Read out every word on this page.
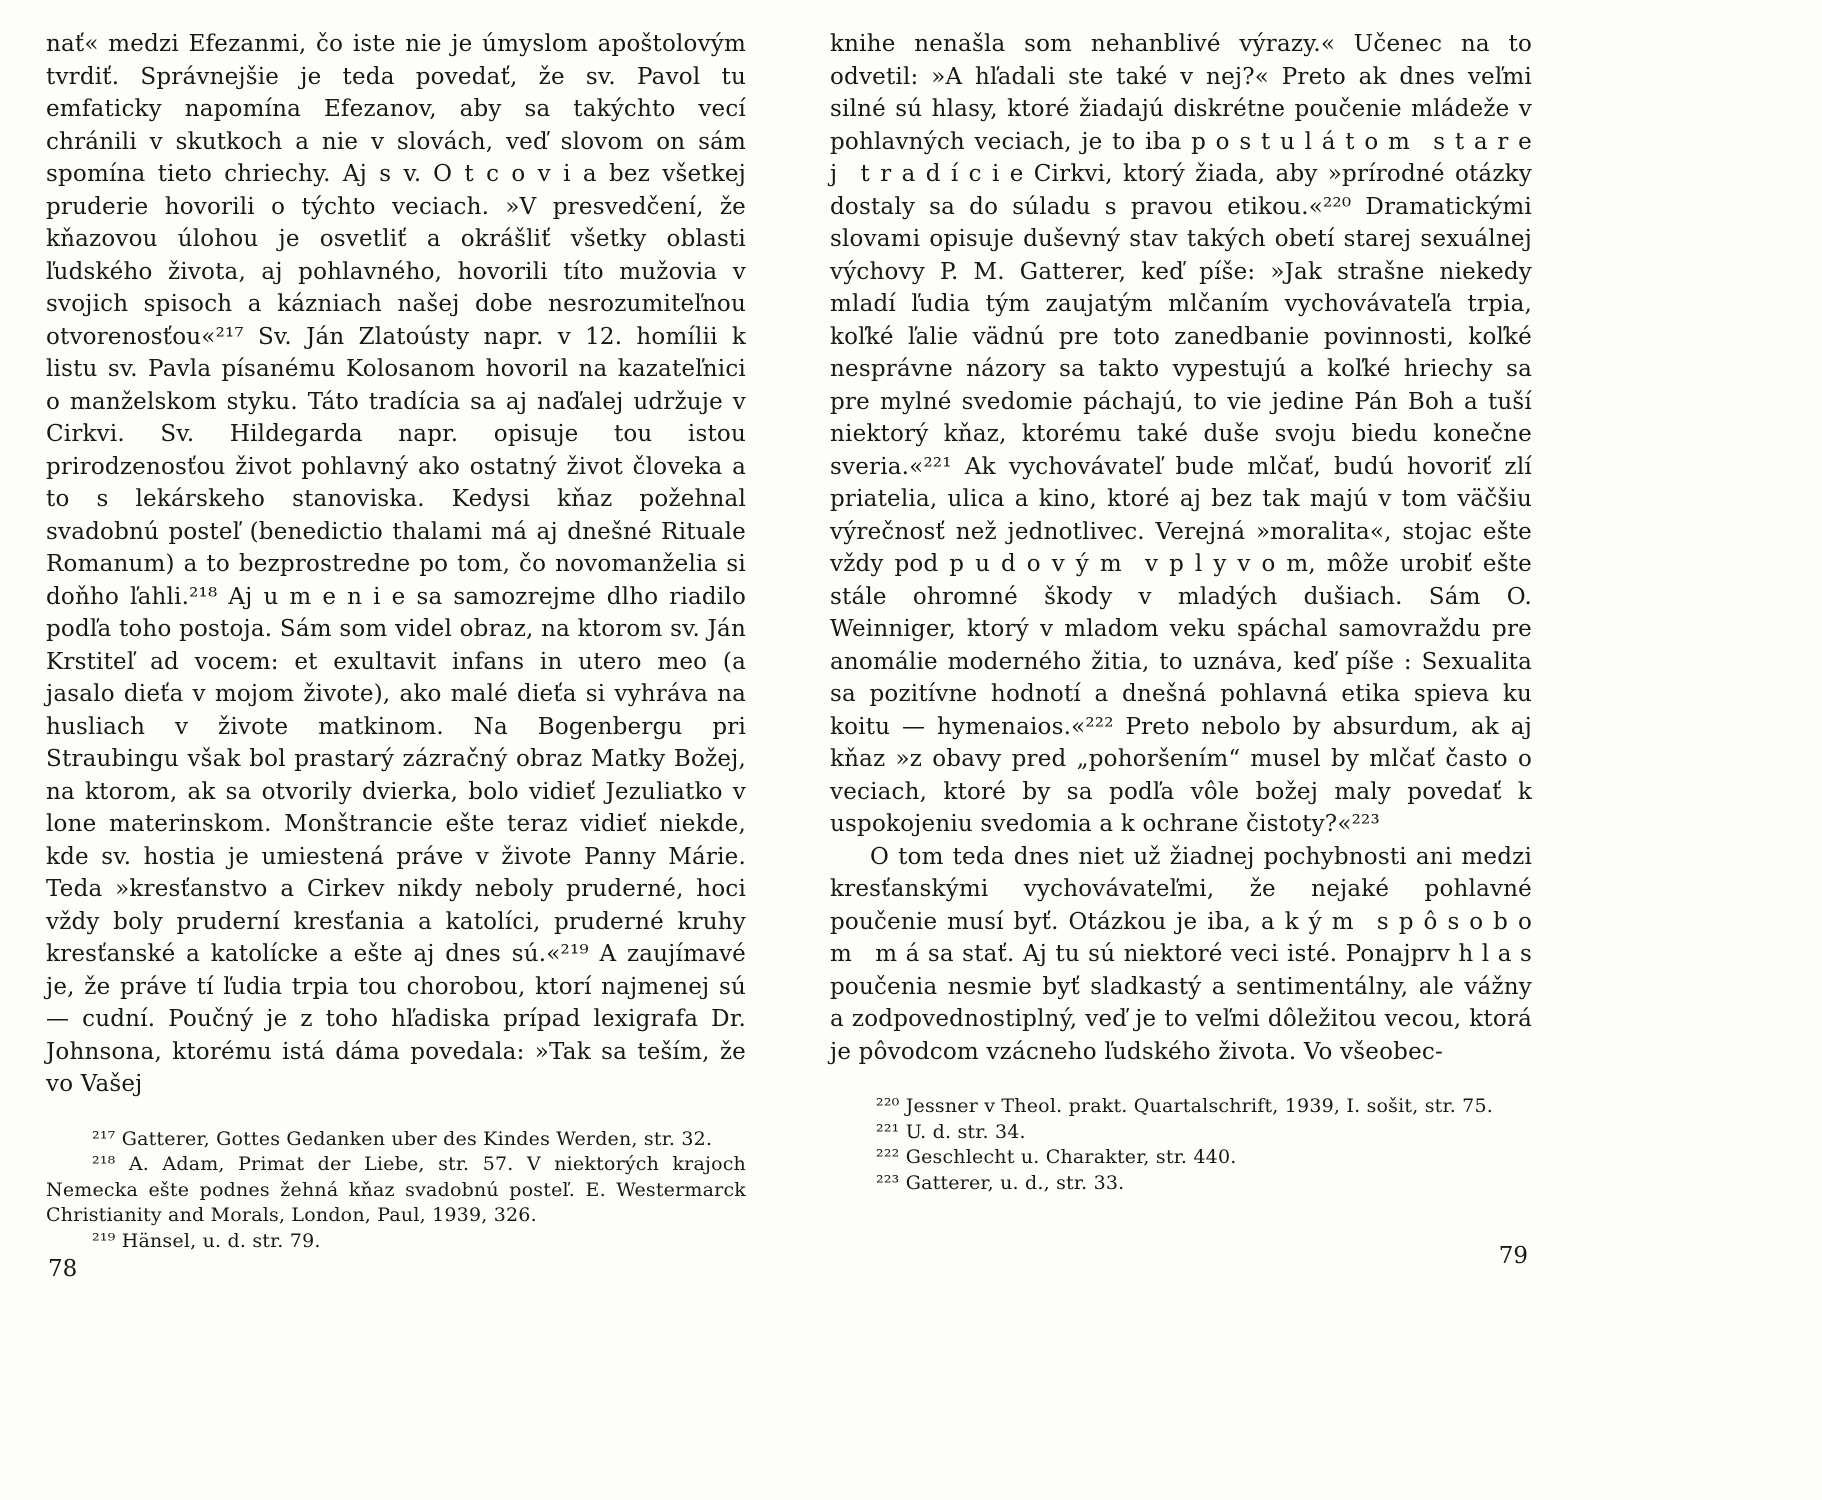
nať« medzi Efezanmi, čo iste nie je úmyslom apoštolovým tvrdiť. Správnejšie je teda povedať, že sv. Pavol tu emfaticky napomína Efezanov, aby sa takýchto vecí chránili v skutkoch a nie v slovách, veď slovom on sám spomína tieto chriechy. Aj s v. O t c o v i a bez všetkej pruderie hovorili o týchto veciach. »V presvedčení, že kňazovou úlohou je osvetliť a okrášliť všetky oblasti ľudského života, aj pohlavného, hovorili títo mužovia v svojich spisoch a kázniach našej dobe nesrozumiteľnou otvorenosťou«²¹⁷ Sv. Ján Zlatoústy napr. v 12. homílii k listu sv. Pavla písanému Kolosanom hovoril na kazateľnici o manželskom styku. Táto tradícia sa aj naďalej udržuje v Cirkvi. Sv. Hildegarda napr. opisuje tou istou prirodzenosťou život pohlavný ako ostatný život človeka a to s lekárskeho stanoviska. Kedysi kňaz požehnal svadobnú posteľ (benedictio thalami má aj dnešné Rituale Romanum) a to bezprostredne po tom, čo novomanželia si doňho ľahli.²¹⁸ Aj u m e n i e sa samozrejme dlho riadilo podľa toho postoja. Sám som videl obraz, na ktorom sv. Ján Krstiteľ ad vocem: et exultavit infans in utero meo (a jasalo dieťa v mojom živote), ako malé dieťa si vyhráva na husliach v živote matkinom. Na Bogenbergu pri Straubingu však bol prastarý zázračný obraz Matky Božej, na ktorom, ak sa otvorily dvierka, bolo vidieť Jezuliatko v lone materinskom. Monštrancie ešte teraz vidieť niekde, kde sv. hostia je umiestená práve v živote Panny Márie. Teda »kresťanstvo a Cirkev nikdy neboly pruderné, hoci vždy boly pruderní kresťania a katolíci, pruderné kruhy kresťanské a katolícke a ešte aj dnes sú.«²¹⁹ A zaujímavé je, že práve tí ľudia trpia tou chorobou, ktorí najmenej sú — cudní. Poučný je z toho hľadiska prípad lexigrafa Dr. Johnsona, ktorému istá dáma povedala: »Tak sa teším, že vo Vašej

²¹⁷ Gatterer, Gottes Gedanken uber des Kindes Werden, str. 32.

²¹⁸ A. Adam, Primat der Liebe, str. 57. V niektorých krajoch Nemecka ešte podnes žehná kňaz svadobnú posteľ. E. Westermarck Christianity and Morals, London, Paul, 1939, 326.

²¹⁹ Hänsel, u. d. str. 79.

78

knihe nenašla som nehanblivé výrazy.« Učenec na to odvetil: »A hľadali ste také v nej?« Preto ak dnes veľmi silné sú hlasy, ktoré žiadajú diskrétne poučenie mládeže v pohlavných veciach, je to iba p o s t u l á t o m s t a r e j t r a d í c i e Cirkvi, ktorý žiada, aby »prírodné otázky dostaly sa do súladu s pravou etikou.«²²⁰ Dramatickými slovami opisuje duševný stav takých obetí starej sexuálnej výchovy P. M. Gatterer, keď píše: »Jak strašne niekedy mladí ľudia tým zaujatým mlčaním vychovávateľa trpia, koľké ľalie vädnú pre toto zanedbanie povinnosti, koľké nesprávne názory sa takto vypestujú a koľké hriechy sa pre mylné svedomie páchajú, to vie jedine Pán Boh a tuší niektorý kňaz, ktorému také duše svoju biedu konečne sveria.«²²¹ Ak vychovávateľ bude mlčať, budú hovoriť zlí priatelia, ulica a kino, ktoré aj bez tak majú v tom väčšiu výrečnosť než jednotlivec. Verejná »moralita«, stojac ešte vždy pod p u d o v ý m v p l y v o m, môže urobiť ešte stále ohromné škody v mladých dušiach. Sám O. Weinniger, ktorý v mladom veku spáchal samovraždu pre anomálie moderného žitia, to uznáva, keď píše : Sexualita sa pozitívne hodnotí a dnešná pohlavná etika spieva ku koitu — hymenaios.«²²² Preto nebolo by absurdum, ak aj kňaz »z obavy pred „pohoršením“ musel by mlčať často o veciach, ktoré by sa podľa vôle božej maly povedať k uspokojeniu svedomia a k ochrane čistoty?«²²³

O tom teda dnes niet už žiadnej pochybnosti ani medzi kresťanskými vychovávateľmi, že nejaké pohlavné poučenie musí byť. Otázkou je iba, a k ý m s p ô s o b o m m á sa stať. Aj tu sú niektoré veci isté. Ponajprv h l a s poučenia nesmie byť sladkastý a sentimentálny, ale vážny a zodpovednostiplný, veď je to veľmi dôležitou vecou, ktorá je pôvodcom vzácneho ľudského života. Vo všeobec-

²²⁰ Jessner v Theol. prakt. Quartalschrift, 1939, I. sošit, str. 75.

²²¹ U. d. str. 34.

²²² Geschlecht u. Charakter, str. 440.

²²³ Gatterer, u. d., str. 33.

79
